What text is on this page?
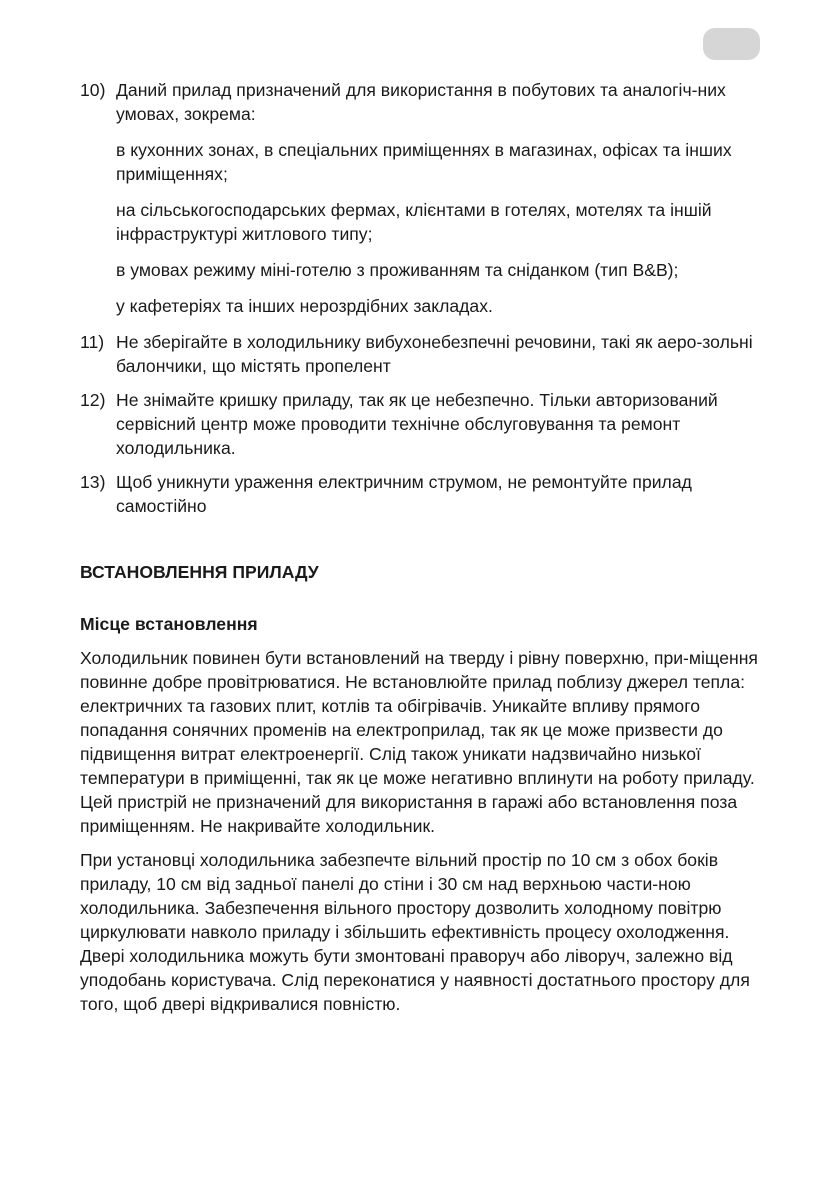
10) Даний прилад призначений для використання в побутових та аналогіч-них умовах, зокрема:

в кухонних зонах, в спеціальних приміщеннях в магазинах, офісах та інших приміщеннях;

на сільськогосподарських фермах, клієнтами в готелях, мотелях та іншій інфраструктурі житлового типу;

в умовах режиму міні-готелю з проживанням та сніданком (тип B&B);

у кафетеріях та інших нерозрдібних закладах.

11) Не зберігайте в холодильнику вибухонебезпечні речовини, такі як аеро-зольні балончики, що містять пропелент
12) Не знімайте кришку приладу, так як це небезпечно. Тільки авторизований сервісний центр може проводити технічне обслуговування та ремонт холодильника.
13) Щоб уникнути ураження електричним струмом, не ремонтуйте прилад самостійно
ВСТАНОВЛЕННЯ ПРИЛАДУ
Місце встановлення

Холодильник повинен бути встановлений на тверду і рівну поверхню, при-міщення повинне добре провітрюватися. Не встановлюйте прилад поблизу джерел тепла: електричних та газових плит, котлів та обігрівачів. Уникайте впливу прямого попадання сонячних променів на електроприлад, так як це може призвести до підвищення витрат електроенергії. Слід також уникати надзвичайно низької температури в приміщенні, так як це може негативно вплинути на роботу приладу. Цей пристрій не призначений для використання в гаражі або встановлення поза приміщенням. Не накривайте холодильник.

При установці холодильника забезпечте вільний простір по 10 см з обох боків приладу, 10 см від задньої панелі до стіни і 30 см над верхньою части-ною холодильника. Забезпечення вільного простору дозволить холодному повітрю циркулювати навколо приладу і збільшить ефективність процесу охолодження. Двері холодильника можуть бути змонтовані праворуч або ліворуч, залежно від уподобань користувача. Слід переконатися у наявності достатнього простору для того, щоб двері відкривалися повністю.
